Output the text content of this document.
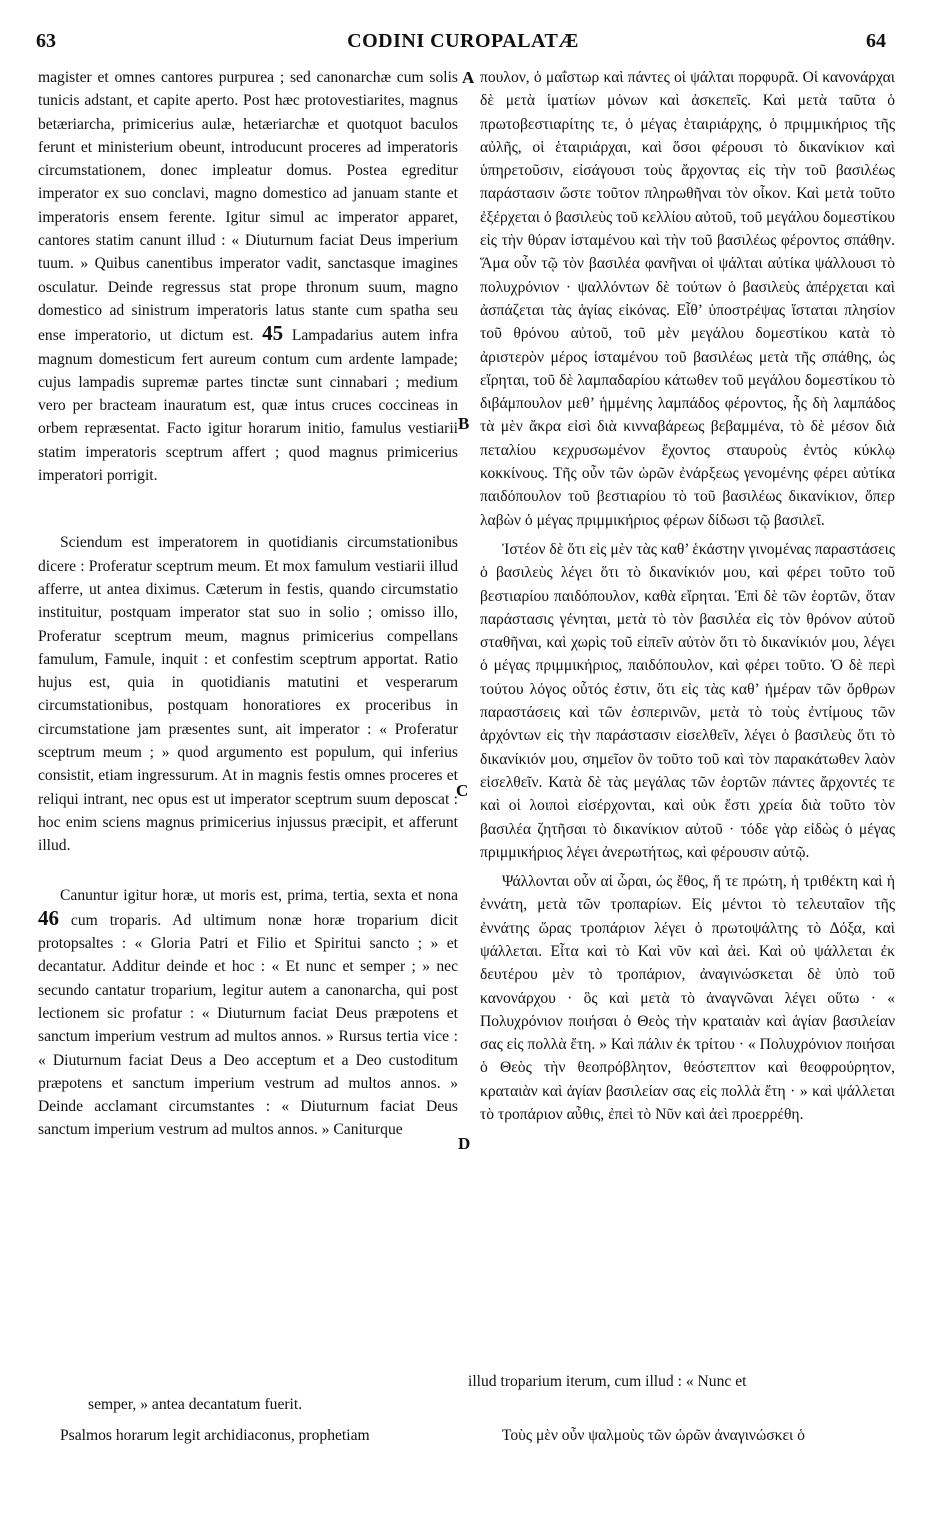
63	CODINI CUROPALATÆ	64

magister et omnes cantores purpurea ; sed canonarchæ cum solis tunicis adstant, et capite aperto. Post hæc protovestiarites, magnus betæriarcha, primicerius aulæ, hetæriarchæ et quotquot baculos ferunt et ministerium obeunt, introducunt proceres ad imperatoris circumstationem, donec impleatur domus. Postea egreditur imperator ex suo conclavi, magno domestico ad januam stante et imperatoris ensem ferente. Igitur simul ac imperator apparet, cantores statim canunt illud : « Diuturnum faciat Deus imperium tuum. » Quibus canentibus imperator vadit, sanctasque imagines osculatur. Deinde regressus stat prope thronum suum, magno domestico ad sinistrum imperatoris latus stante cum spatha seu ense imperatorio, ut dictum est. 45 Lampadarius autem infra magnum domesticum fert aureum contum cum ardente lampade; cujus lampadis supremæ partes tinctæ sunt cinnabari ; medium vero per bracteam inauratum est, quæ intus cruces coccineas in orbem repræsentat. Facto igitur horarum initio, famulus vestiarii statim imperatoris sceptrum affert ; quod magnus primicerius imperatori porrigit.

Sciendum est imperatorem in quotidianis circumstationibus dicere : Proferatur sceptrum meum. Et mox famulum vestiarii illud afferre, ut antea diximus. Cæterum in festis, quando circumstatio instituitur, postquam imperator stat suo in solio ; omisso illo, Proferatur sceptrum meum, magnus primicerius compellans famulum, Famule, inquit : et confestim sceptrum apportat. Ratio hujus est, quia in quotidianis matutini et vesperarum circumstationibus, postquam honoratiores ex proceribus in circumstatione jam præsentes sunt, ait imperator : « Proferatur sceptrum meum ; » quod argumento est populum, qui inferius consistit, etiam ingressurum. At in magnis festis omnes proceres et reliqui intrant, nec opus est ut imperator sceptrum suum deposcat : hoc enim sciens magnus primicerius injussus præcipit, et afferunt illud.

Canuntur igitur horæ, ut moris est, prima, tertia, sexta et nona 46 cum troparis. Ad ultimum nonæ horæ troparium dicit protopsaltes : « Gloria Patri et Filio et Spiritui sancto ; » et decantatur. Additur deinde et hoc : « Et nunc et semper ; » nec secundo cantatur troparium, legitur autem a canonarcha, qui post lectionem sic profatur : « Diuturnum faciat Deus præpotens et sanctum imperium vestrum ad multos annos. » Rursus tertia vice : « Diuturnum faciat Deus a Deo acceptum et a Deo custoditum præpotens et sanctum imperium vestrum ad multos annos. » Deinde acclamant circumstantes : « Diuturnum faciat Deus sanctum imperium vestrum ad multos annos. » Caniturque

πουλον, ὁ μαΐστωρ καὶ πάντες οἱ ψάλται πορφυρᾶ. Οἱ κανονάρχαι δὲ μετὰ ἱματίων μόνων καὶ ἀσκεπεῖς. Καὶ μετὰ ταῦτα ὁ πρωτοβεστιαρίτης τε, ὁ μέγας ἑταιριάρχης, ὁ πριμμικήριος τῆς αὐλῆς, οἱ ἑταιριάρχαι, καὶ ὅσοι φέρουσι τὸ δικανίκιον καὶ ὑπηρετοῦσιν, εἰσάγουσι τοὺς ἄρχοντας εἰς τὴν τοῦ βασιλέως παράστασιν ὥστε τοῦτον πληρωθῆναι τὸν οἶκον. Καὶ μετὰ τοῦτο ἐξέρχεται ὁ βασιλεὺς τοῦ κελλίου αὐτοῦ, τοῦ μεγάλου δομεστίκου εἰς τὴν θύραν ἱσταμένου καὶ τὴν τοῦ βασιλέως φέροντος σπάθην. Ἅμα οὖν τῷ τὸν βασιλέα φανῆναι οἱ ψάλται αὐτίκα ψάλλουσι τὸ πολυχρόνιον · ψαλλόντων δὲ τούτων ὁ βασιλεὺς ἀπέρχεται καὶ ἀσπάζεται τὰς ἁγίας εἰκόνας. Εἶθ’ ὑποστρέψας ἵσταται πλησίον τοῦ θρόνου αὐτοῦ, τοῦ μὲν μεγάλου δομεστίκου κατὰ τὸ ἀριστερὸν μέρος ἱσταμένου τοῦ βασιλέως μετὰ τῆς σπάθης, ὡς εἴρηται, τοῦ δὲ λαμπαδαρίου κάτωθεν τοῦ μεγάλου δομεστίκου τὸ διβάμπουλον μεθ’ ἡμμένης λαμπάδος φέροντος, ἧς δὴ λαμπάδος τὰ μὲν ἄκρα εἰσὶ διὰ κινναβάρεως βεβαμμένα, τὸ δὲ μέσον διὰ πεταλίου κεχρυσωμένον ἔχοντος σταυροὺς ἐντὸς κύκλῳ κοκκίνους. Τῆς οὖν τῶν ὡρῶν ἐνάρξεως γενομένης φέρει αὐτίκα παιδόπουλον τοῦ βεστιαρίου τὸ τοῦ βασιλέως δικανίκιον, ὅπερ λαβὼν ὁ μέγας πριμμικήριος φέρων δίδωσι τῷ βασιλεῖ.

Ἰστέον δὲ ὅτι εἰς μὲν τὰς καθ’ ἑκάστην γινομένας παραστάσεις ὁ βασιλεὺς λέγει ὅτι τὸ δικανίκιόν μου, καὶ φέρει τοῦτο τοῦ βεστιαρίου παιδόπουλον, καθὰ εἴρηται. Ἐπὶ δὲ τῶν ἑορτῶν, ὅταν παράστασις γένηται, μετὰ τὸ τὸν βασιλέα εἰς τὸν θρόνον αὐτοῦ σταθῆναι, καὶ χωρὶς τοῦ εἰπεῖν αὐτὸν ὅτι τὸ δικανίκιόν μου, λέγει ὁ μέγας πριμμικήριος, παιδόπουλον, καὶ φέρει τοῦτο. Ὁ δὲ περὶ τούτου λόγος οὗτός ἐστιν, ὅτι εἰς τὰς καθ’ ἡμέραν τῶν ὄρθρων παραστάσεις καὶ τῶν ἑσπερινῶν, μετὰ τὸ τοὺς ἐντίμους τῶν ἀρχόντων εἰς τὴν παράστασιν εἰσελθεῖν, λέγει ὁ βασιλεὺς ὅτι τὸ δικανίκιόν μου, σημεῖον ὂν τοῦτο τοῦ καὶ τὸν παρακάτωθεν λαὸν εἰσελθεῖν. Κατὰ δὲ τὰς μεγάλας τῶν ἑορτῶν πάντες ἄρχοντές τε καὶ οἱ λοιποὶ εἰσέρχονται, καὶ οὐκ ἔστι χρεία διὰ τοῦτο τὸν βασιλέα ζητῆσαι τὸ δικανίκιον αὐτοῦ · τόδε γὰρ εἰδὼς ὁ μέγας πριμμικήριος λέγει ἀνερωτήτως, καὶ φέρουσιν αὐτῷ.

Ψάλλονται οὖν αἱ ὧραι, ὡς ἔθος, ἥ τε πρώτη, ἡ τριθέκτη καὶ ἡ ἐννάτη, μετὰ τῶν τροπαρίων. Εἰς μέντοι τὸ τελευταῖον τῆς ἐννάτης ὥρας τροπάριον λέγει ὁ πρωτοψάλτης τὸ Δόξα, καὶ ψάλλεται. Εἶτα καὶ τὸ Καὶ νῦν καὶ ἀεὶ. Καὶ οὐ ψάλλεται ἐκ δευτέρου μὲν τὸ τροπάριον, ἀναγινώσκεται δὲ ὑπὸ τοῦ κανονάρχου · ὃς καὶ μετὰ τὸ ἀναγνῶναι λέγει οὕτω · « Πολυχρόνιον ποιήσαι ὁ Θεὸς τὴν κραταιὰν καὶ ἁγίαν βασιλείαν σας εἰς πολλὰ ἔτη. » Καὶ πάλιν ἐκ τρίτου · « Πολυχρόνιον ποιήσαι ὁ Θεὸς τὴν θεοπρόβλητον, θεόστεπτον καὶ θεοφρούρητον, κραταιὰν καὶ ἁγίαν βασιλείαν σας εἰς πολλὰ ἔτη · » καὶ ψάλλεται τὸ τροπάριον αὖθις, ἐπεὶ τὸ Νῦν καὶ ἀεὶ προερρέθη.

A
B
C
D

semper, » antea decantatum fuerit.

illud troparium iterum, cum illud : « Nunc et

Psalmos horarum legit archidiaconus, prophetiam	Τοὺς μὲν οὖν ψαλμοὺς τῶν ὡρῶν ἀναγινώσκει ὁ
